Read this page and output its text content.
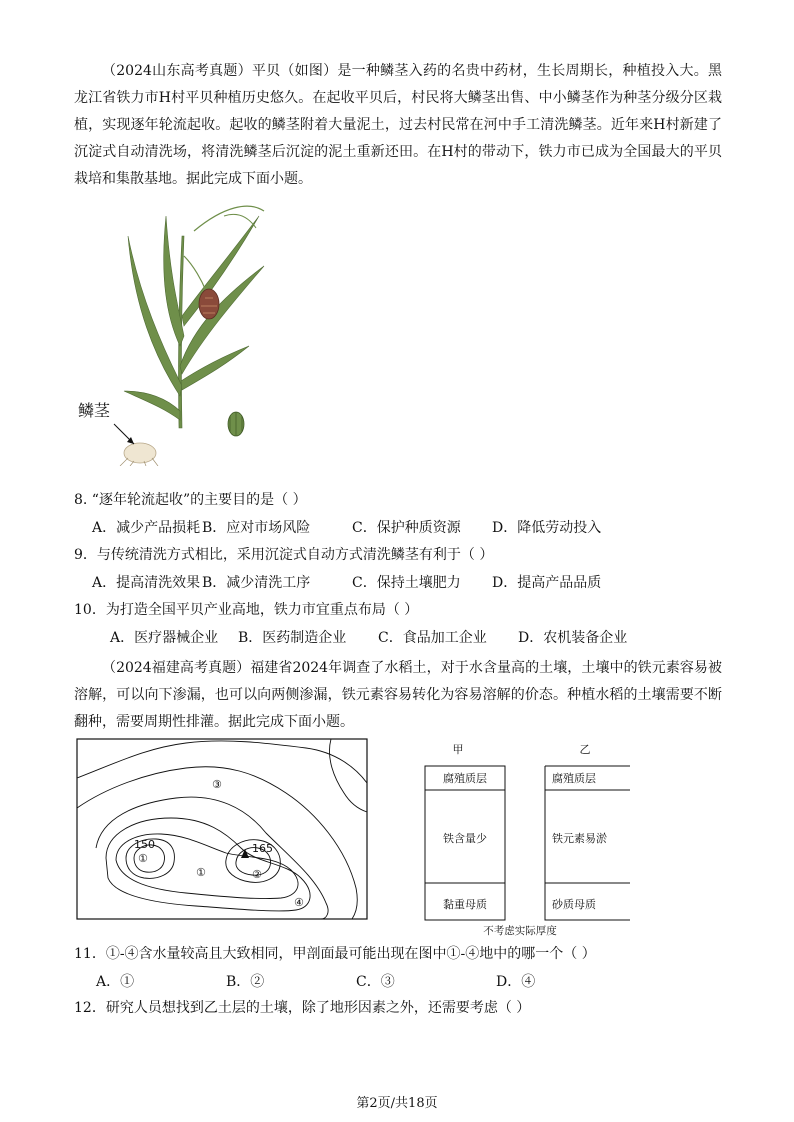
（2024山东高考真题）平贝（如图）是一种鳞茎入药的名贵中药材，生长周期长，种植投入大。黑龙江省铁力市H村平贝种植历史悠久。在起收平贝后，村民将大鳞茎出售、中小鳞茎作为种茎分级分区栽植，实现逐年轮流起收。起收的鳞茎附着大量泥土，过去村民常在河中手工清洗鳞茎。近年来H村新建了沉淀式自动清洗场，将清洗鳞茎后沉淀的泥土重新还田。在H村的带动下，铁力市已成为全国最大的平贝栽培和集散基地。据此完成下面小题。

鳞茎

8. “逐年轮流起收”的主要目的是（ ）

A．减少产品损耗 B．应对市场风险	C．保护种质资源 D．降低劳动投入

9．与传统清洗方式相比，采用沉淀式自动方式清洗鳞茎有利于（ ）

A．提高清洗效果 B．减少清洗工序	C．保持土壤肥力 D．提高产品品质

10．为打造全国平贝产业高地，铁力市宜重点布局（ ）

A．医疗器械企业 B．医药制造企业 C．食品加工企业 D．农机装备企业

（2024福建高考真题）福建省2024年调查了水稻土，对于水含量高的土壤，土壤中的铁元素容易被溶解，可以向下渗漏，也可以向两侧渗漏，铁元素容易转化为容易溶解的价态。种植水稻的土壤需要不断翻种，需要周期性排灌。据此完成下面小题。

150
①
②
③
④
165
①
甲	乙
腐殖质层
铁含量少
黏重母质
腐殖质层
铁元素易淤
砂质母质
不考虑实际厚度

11．①-④含水量较高且大致相同，甲剖面最可能出现在图中①-④地中的哪一个（ ）

A．①	B．②	C．③	D．④

12．研究人员想找到乙土层的土壤，除了地形因素之外，还需要考虑（ ）

第2页/共18页
